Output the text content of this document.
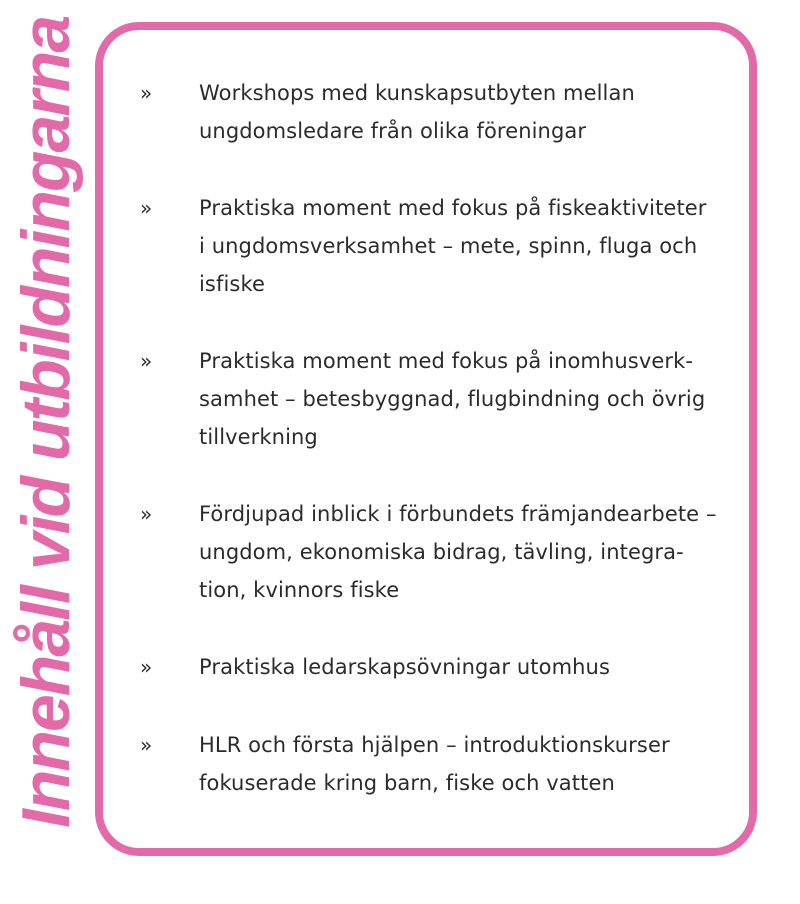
Innehåll vid utbildningarna	» Workshops med kunskapsutbyten mellan
ungdomsledare från olika föreningar

» Praktiska moment med fokus på fiskeaktiviteter
i ungdomsverksamhet – mete, spinn, fluga och
isfiske

» Praktiska moment med fokus på inomhusverk-
samhet – betesbyggnad, flugbindning och övrig
tillverkning

» Fördjupad inblick i förbundets främjandearbete –
ungdom, ekonomiska bidrag, tävling, integra-
tion, kvinnors fiske

» Praktiska ledarskapsövningar utomhus

» HLR och första hjälpen – introduktionskurser
fokuserade kring barn, fiske och vatten
